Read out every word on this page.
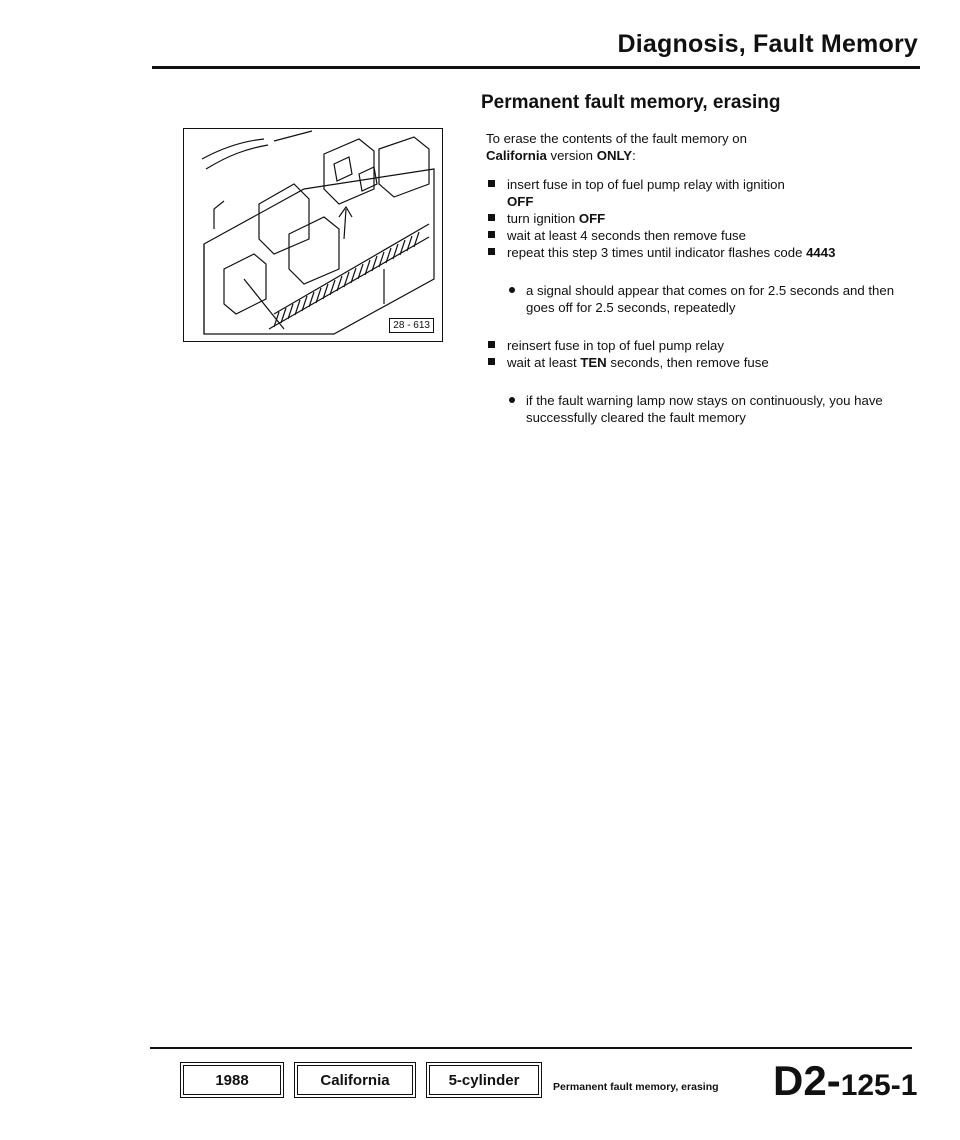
Diagnosis, Fault Memory
Permanent fault memory, erasing
28 - 613

To erase the contents of the fault memory on
California version ONLY:

insert fuse in top of fuel pump relay with ignition
OFF
turn ignition OFF
wait at least 4 seconds then remove fuse
repeat this step 3 times until indicator flashes code 4443
a signal should appear that comes on for 2.5 seconds and then goes off for 2.5 seconds, repeatedly
reinsert fuse in top of fuel pump relay
wait at least TEN seconds, then remove fuse
if the fault warning lamp now stays on continuously, you have successfully cleared the fault memory
1988	California	5-cylinder	Permanent fault memory, erasing D2-125-1
